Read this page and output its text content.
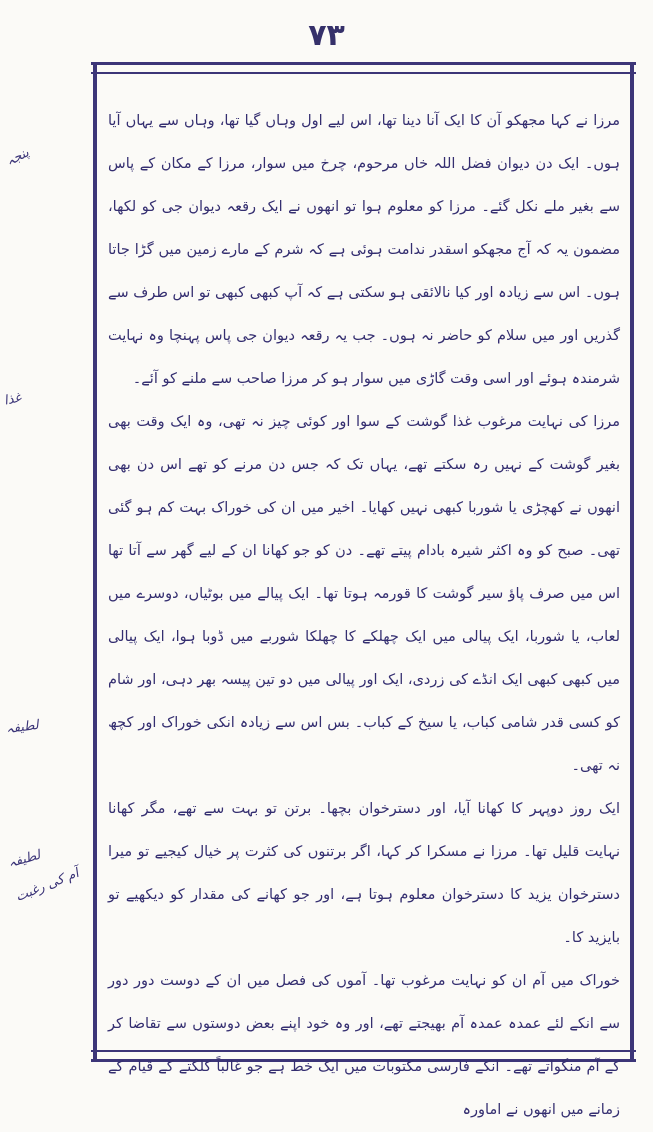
۷۳

مرزا نے کہا مجھکو آن کا ایک آنا دینا تھا، اس لیے اول وہاں گیا تھا، وہاں سے یہاں آیا ہوں۔ ایک دن دیوان فضل اللہ خاں مرحوم، چرخ میں سوار، مرزا کے مکان کے پاس سے بغیر ملے نکل گئے۔ مرزا کو معلوم ہوا تو انھوں نے ایک رقعہ دیوان جی کو لکھا، مضمون یہ کہ آج مجھکو اسقدر ندامت ہوئی ہے کہ شرم کے مارے زمین میں گڑا جاتا ہوں۔ اس سے زیادہ اور کیا نالائقی ہو سکتی ہے کہ آپ کبھی کبھی تو اس طرف سے گذریں اور میں سلام کو حاضر نہ ہوں۔ جب یہ رقعہ دیوان جی پاس پہنچا وہ نہایت شرمندہ ہوئے اور اسی وقت گاڑی میں سوار ہو کر مرزا صاحب سے ملنے کو آئے۔

مرزا کی نہایت مرغوب غذا گوشت کے سوا اور کوئی چیز نہ تھی، وہ ایک وقت بھی بغیر گوشت کے نہیں رہ سکتے تھے، یہاں تک کہ جس دن مرنے کو تھے اس دن بھی انھوں نے کھچڑی یا شوربا کبھی نہیں کھایا۔ اخیر میں ان کی خوراک بہت کم ہو گئی تھی۔ صبح کو وہ اکثر شیرہ بادام پیتے تھے۔ دن کو جو کھانا ان کے لیے گھر سے آتا تھا اس میں صرف پاؤ سیر گوشت کا قورمہ ہوتا تھا۔ ایک پیالے میں بوٹیاں، دوسرے میں لعاب، یا شوربا، ایک پیالی میں ایک چھلکے کا چھلکا شوربے میں ڈوبا ہوا، ایک پیالی میں کبھی کبھی ایک انڈے کی زردی، ایک اور پیالی میں دو تین پیسہ بھر دہی، اور شام کو کسی قدر شامی کباب، یا سیخ کے کباب۔ بس اس سے زیادہ انکی خوراک اور کچھ نہ تھی۔

ایک روز دوپہر کا کھانا آیا، اور دسترخوان بچھا۔ برتن تو بہت سے تھے، مگر کھانا نہایت قلیل تھا۔ مرزا نے مسکرا کر کہا، اگر برتنوں کی کثرت پر خیال کیجیے تو میرا دسترخوان یزید کا دسترخوان معلوم ہوتا ہے، اور جو کھانے کی مقدار کو دیکھیے تو بایزید کا۔

خوراک میں آم ان کو نہایت مرغوب تھا۔ آموں کی فصل میں ان کے دوست دور دور سے انکے لئے عمدہ عمدہ آم بھیجتے تھے، اور وہ خود اپنے بعض دوستوں سے تقاضا کر کے آم منگواتے تھے۔ انکے فارسی مکتوبات میں ایک خط ہے جو غالباً کلکتے کے قیام کے زمانے میں انھوں نے اماورہ

پنجہ
غذا
لطیفہ
لطیفہ
آم کی رغبت
